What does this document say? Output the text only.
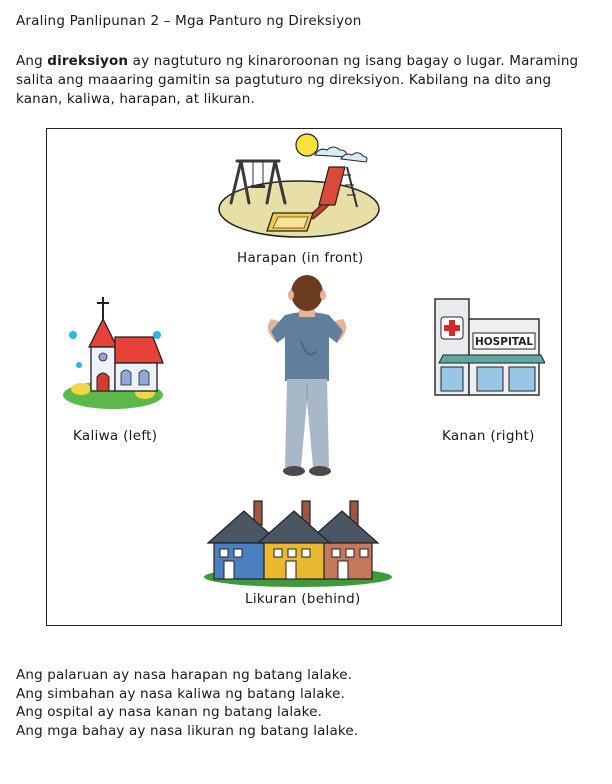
Araling Panlipunan 2 – Mga Panturo ng Direksiyon
Ang direksiyon ay nagtuturo ng kinaroroonan ng isang bagay o lugar. Maraming salita ang maaaring gamitin sa pagtuturo ng direksiyon. Kabilang na dito ang kanan, kaliwa, harapan, at likuran.
Harapan (in front)
Kaliwa (left)
HOSPITAL
Kanan (right)
Likuran (behind)
Ang palaruan ay nasa harapan ng batang lalake.
Ang simbahan ay nasa kaliwa ng batang lalake.
Ang ospital ay nasa kanan ng batang lalake.
Ang mga bahay ay nasa likuran ng batang lalake.
